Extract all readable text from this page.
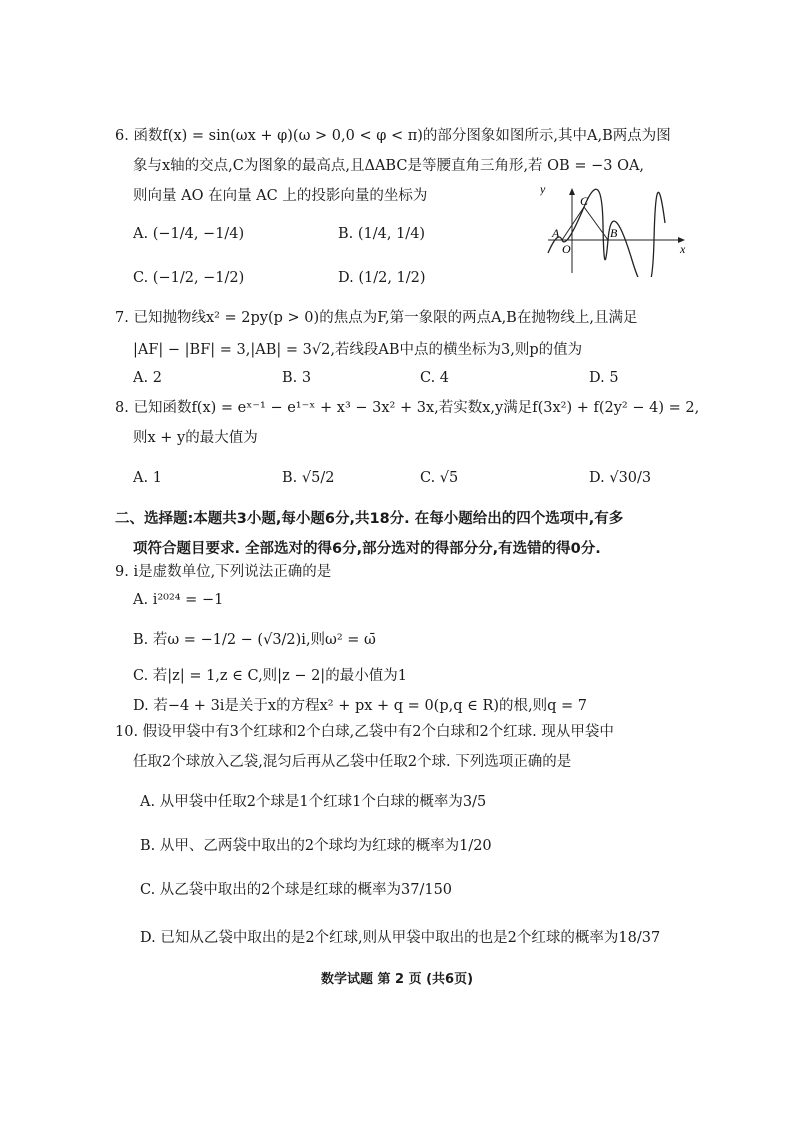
6. 函数f(x) = sin(ωx + φ)(ω > 0,0 < φ < π)的部分图象如图所示,其中A,B两点为图
象与x轴的交点,C为图象的最高点,且ΔABC是等腰直角三角形,若 OB = −3 OA,
则向量 AO 在向量 AC 上的投影向量的坐标为
A. (−1/4, −1/4)	B. (1/4, 1/4)
C. (−1/2, −1/2)	D. (1/2, 1/2)
y
x
A
O
C
B
7. 已知抛物线x² = 2py(p > 0)的焦点为F,第一象限的两点A,B在抛物线上,且满足
|AF| − |BF| = 3,|AB| = 3√2,若线段AB中点的横坐标为3,则p的值为
A. 2	B. 3	C. 4	D. 5
8. 已知函数f(x) = eˣ⁻¹ − e¹⁻ˣ + x³ − 3x² + 3x,若实数x,y满足f(3x²) + f(2y² − 4) = 2,
则x + y的最大值为
A. 1	B. √5/2	C. √5	D. √30/3
二、选择题:本题共3小题,每小题6分,共18分. 在每小题给出的四个选项中,有多
项符合题目要求. 全部选对的得6分,部分选对的得部分分,有选错的得0分.
9. i是虚数单位,下列说法正确的是
A. i²⁰²⁴ = −1
B. 若ω = −1/2 − (√3/2)i,则ω² = ω̄
C. 若|z| = 1,z ∈ C,则|z − 2|的最小值为1
D. 若−4 + 3i是关于x的方程x² + px + q = 0(p,q ∈ R)的根,则q = 7
10. 假设甲袋中有3个红球和2个白球,乙袋中有2个白球和2个红球. 现从甲袋中
任取2个球放入乙袋,混匀后再从乙袋中任取2个球. 下列选项正确的是
A. 从甲袋中任取2个球是1个红球1个白球的概率为3/5
B. 从甲、乙两袋中取出的2个球均为红球的概率为1/20
C. 从乙袋中取出的2个球是红球的概率为37/150
D. 已知从乙袋中取出的是2个红球,则从甲袋中取出的也是2个红球的概率为18/37
数学试题 第 2 页 (共6页)
